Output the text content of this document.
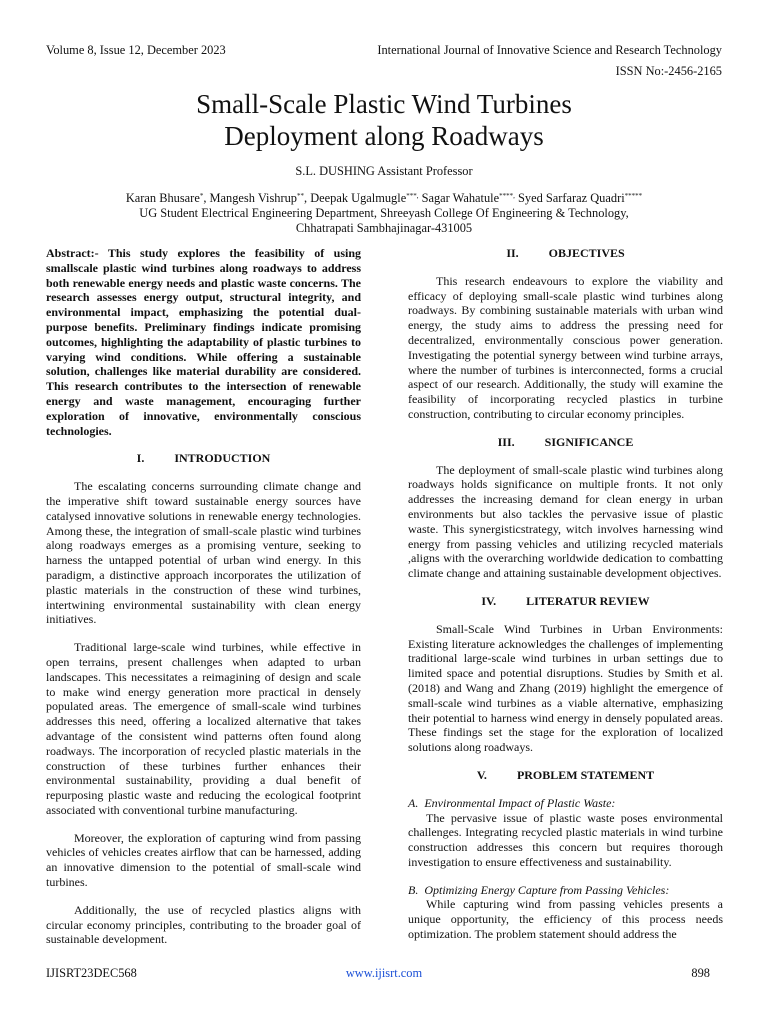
Volume 8, Issue 12, December 2023	International Journal of Innovative Science and Research Technology
ISSN No:-2456-2165
Small-Scale Plastic Wind Turbines
Deployment along Roadways
S.L. DUSHING Assistant Professor
Karan Bhusare*, Mangesh Vishrup**, Deepak Ugalmugle***, Sagar Wahatule****, Syed Sarfaraz Quadri*****
UG Student Electrical Engineering Department, Shreeyash College Of Engineering & Technology,
Chhatrapati Sambhajinagar-431005
Abstract:- This study explores the feasibility of using smallscale plastic wind turbines along roadways to address both renewable energy needs and plastic waste concerns. The research assesses energy output, structural integrity, and environmental impact, emphasizing the potential dual-purpose benefits. Preliminary findings indicate promising outcomes, highlighting the adaptability of plastic turbines to varying wind conditions. While offering a sustainable solution, challenges like material durability are considered. This research contributes to the intersection of renewable energy and waste management, encouraging further exploration of innovative, environmentally conscious technologies.
I.	INTRODUCTION

The escalating concerns surrounding climate change and the imperative shift toward sustainable energy sources have catalysed innovative solutions in renewable energy technologies. Among these, the integration of small-scale plastic wind turbines along roadways emerges as a promising venture, seeking to harness the untapped potential of urban wind energy. In this paradigm, a distinctive approach incorporates the utilization of plastic materials in the construction of these wind turbines, intertwining environmental sustainability with clean energy initiatives.

Traditional large-scale wind turbines, while effective in open terrains, present challenges when adapted to urban landscapes. This necessitates a reimagining of design and scale to make wind energy generation more practical in densely populated areas. The emergence of small-scale wind turbines addresses this need, offering a localized alternative that takes advantage of the consistent wind patterns often found along roadways. The incorporation of recycled plastic materials in the construction of these turbines further enhances their environmental sustainability, providing a dual benefit of repurposing plastic waste and reducing the ecological footprint associated with conventional turbine manufacturing.

Moreover, the exploration of capturing wind from passing vehicles of vehicles creates airflow that can be harnessed, adding an innovative dimension to the potential of small-scale wind turbines.

Additionally, the use of recycled plastics aligns with circular economy principles, contributing to the broader goal of sustainable development.

II.	OBJECTIVES

This research endeavours to explore the viability and efficacy of deploying small-scale plastic wind turbines along roadways. By combining sustainable materials with urban wind energy, the study aims to address the pressing need for decentralized, environmentally conscious power generation. Investigating the potential synergy between wind turbine arrays, where the number of turbines is interconnected, forms a crucial aspect of our research. Additionally, the study will examine the feasibility of incorporating recycled plastics in turbine construction, contributing to circular economy principles.

III.	SIGNIFICANCE

The deployment of small-scale plastic wind turbines along roadways holds significance on multiple fronts. It not only addresses the increasing demand for clean energy in urban environments but also tackles the pervasive issue of plastic waste. This synergisticstrategy, witch involves harnessing wind energy from passing vehicles and utilizing recycled materials ,aligns with the overarching worldwide dedication to combatting climate change and attaining sustainable development objectives.

IV.	LITERATUR REVIEW

Small-Scale Wind Turbines in Urban Environments: Existing literature acknowledges the challenges of implementing traditional large-scale wind turbines in urban settings due to limited space and potential disruptions. Studies by Smith et al. (2018) and Wang and Zhang (2019) highlight the emergence of small-scale wind turbines as a viable alternative, emphasizing their potential to harness wind energy in densely populated areas. These findings set the stage for the exploration of localized solutions along roadways.

V.	PROBLEM STATEMENT
A. Environmental Impact of Plastic Waste:

The pervasive issue of plastic waste poses environmental challenges. Integrating recycled plastic materials in wind turbine construction addresses this concern but requires thorough investigation to ensure effectiveness and sustainability.

B. Optimizing Energy Capture from Passing Vehicles:

While capturing wind from passing vehicles presents a unique opportunity, the efficiency of this process needs optimization. The problem statement should address the

IJISRT23DEC568	www.ijisrt.com	898
